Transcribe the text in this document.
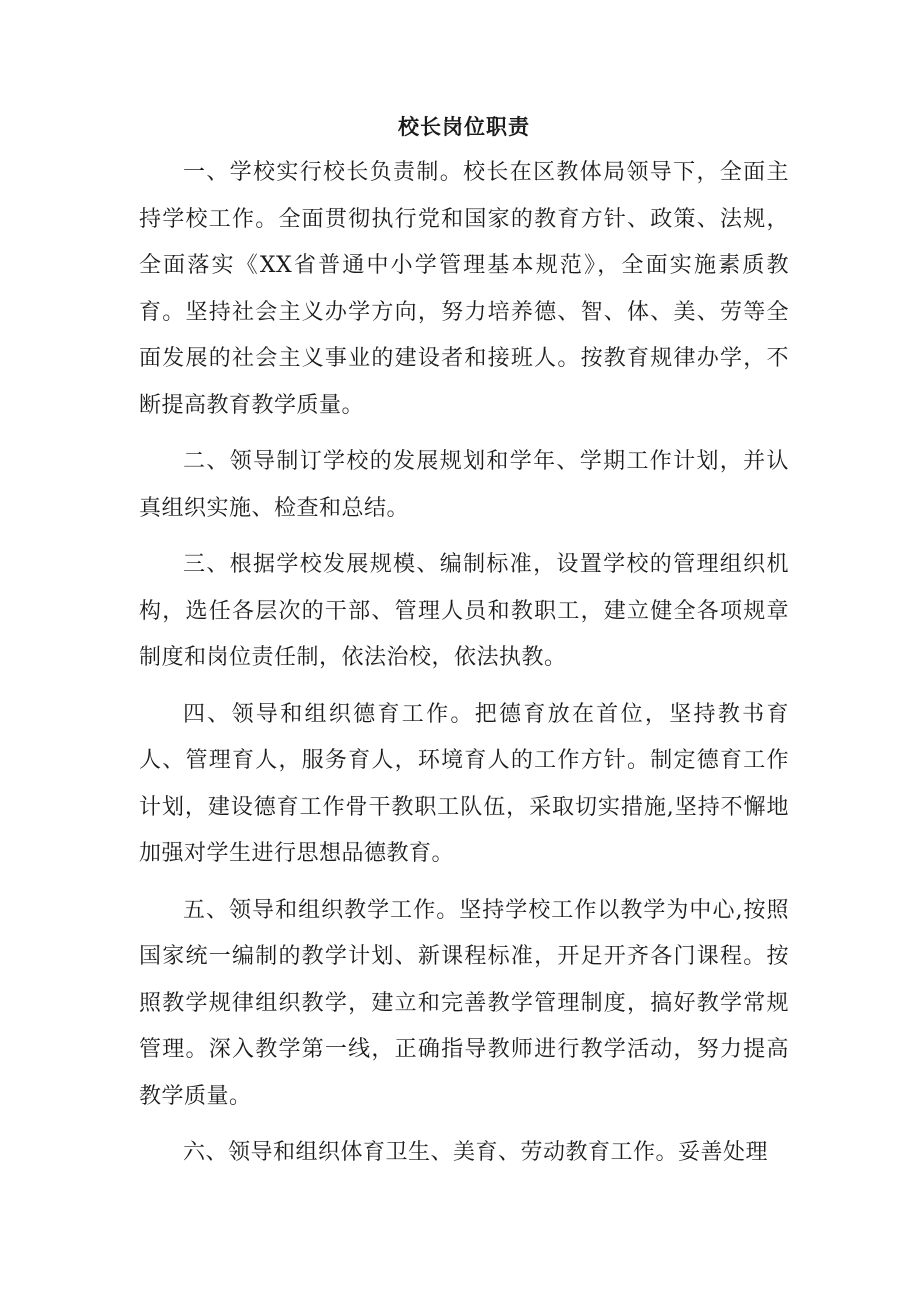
校长岗位职责

一、学校实行校长负责制。校长在区教体局领导下，全面主持学校工作。全面贯彻执行党和国家的教育方针、政策、法规，全面落实《XX省普通中小学管理基本规范》，全面实施素质教育。坚持社会主义办学方向，努力培养德、智、体、美、劳等全面发展的社会主义事业的建设者和接班人。按教育规律办学，不断提高教育教学质量。

二、领导制订学校的发展规划和学年、学期工作计划，并认真组织实施、检查和总结。

三、根据学校发展规模、编制标准，设置学校的管理组织机构，选任各层次的干部、管理人员和教职工，建立健全各项规章制度和岗位责任制，依法治校，依法执教。

四、领导和组织德育工作。把德育放在首位，坚持教书育人、管理育人，服务育人，环境育人的工作方针。制定德育工作计划，建设德育工作骨干教职工队伍，采取切实措施,坚持不懈地加强对学生进行思想品德教育。

五、领导和组织教学工作。坚持学校工作以教学为中心,按照国家统一编制的教学计划、新课程标准，开足开齐各门课程。按照教学规律组织教学，建立和完善教学管理制度，搞好教学常规管理。深入教学第一线，正确指导教师进行教学活动，努力提高教学质量。

六、领导和组织体育卫生、美育、劳动教育工作。妥善处理
